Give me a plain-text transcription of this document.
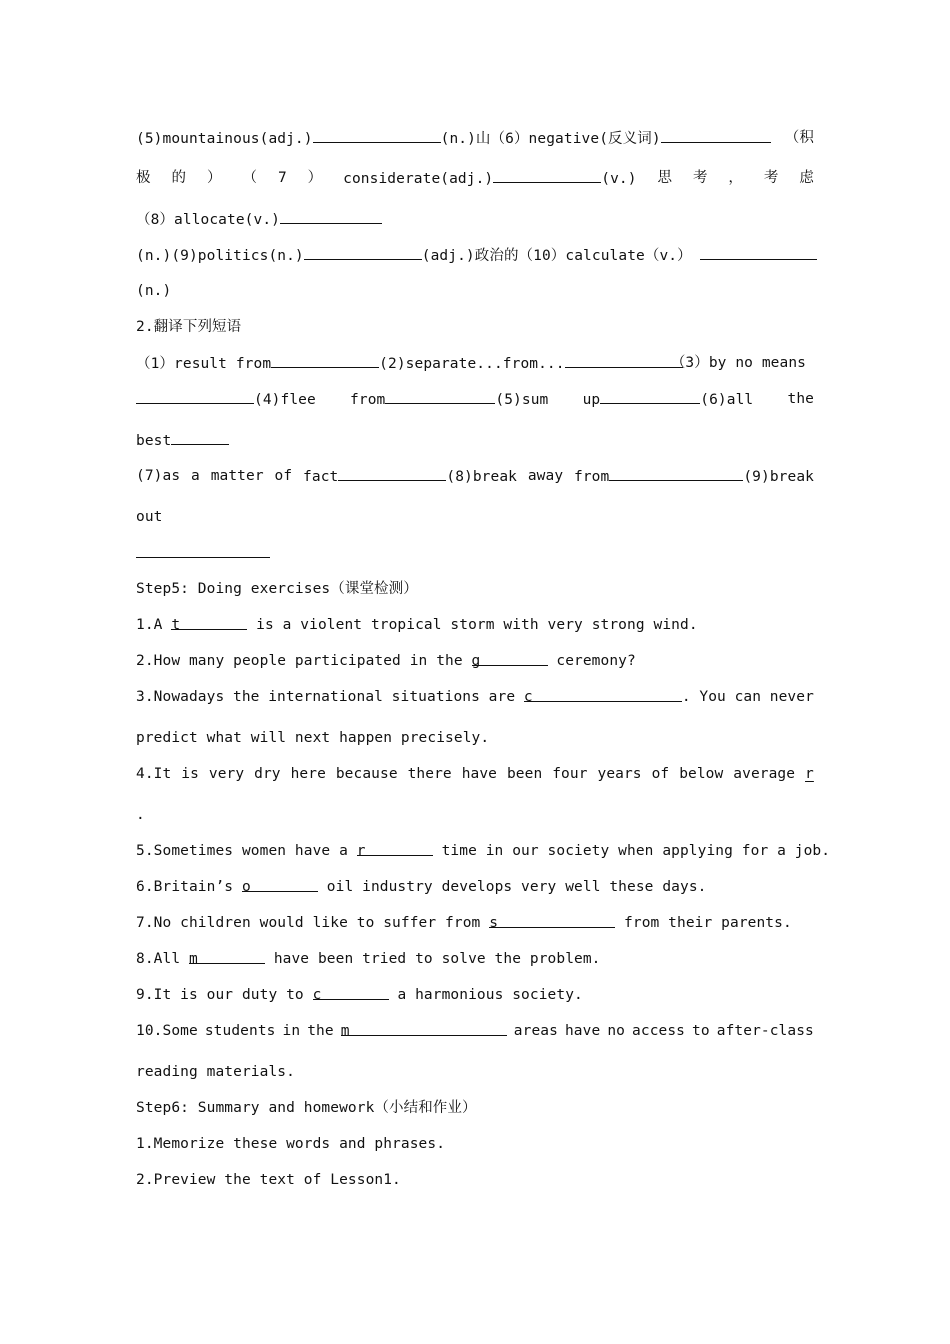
(5)mountainous(adj.)	(n.)山（6）negative(反义词)	（积
极 的 ） （ 7 ） considerate(adj.)	(v.) 思 考 ， 考 虑
（8）allocate(v.)
(n.)(9)politics(n.)	(adj.)政治的（10）calculate（v.）
(n.)
2.翻译下列短语
（1）result from	(2)separate...from...	（3）by no means
(4)flee from	(5)sum up	(6)all the
best
(7)as a matter of fact	(8)break away from	(9)break
out
Step5: Doing exercises（课堂检测）
1.A t	is a violent tropical storm with very strong wind.
2.How many people participated in the g	ceremony?
3.Nowadays the international situations are c	. You can never
predict what will next happen precisely.
4.It is very dry here because there have been four years of below average r
.
5.Sometimes women have a r	time in our society when applying for a job.
6.Britain’s o	oil industry develops very well these days.
7.No children would like to suffer from s	from their parents.
8.All m	have been tried to solve the problem.
9.It is our duty to c	a harmonious society.
10.Some students in the m	areas have no access to after-class
reading materials.
Step6: Summary and homework（小结和作业）
1.Memorize these words and phrases.
2.Preview the text of Lesson1.
